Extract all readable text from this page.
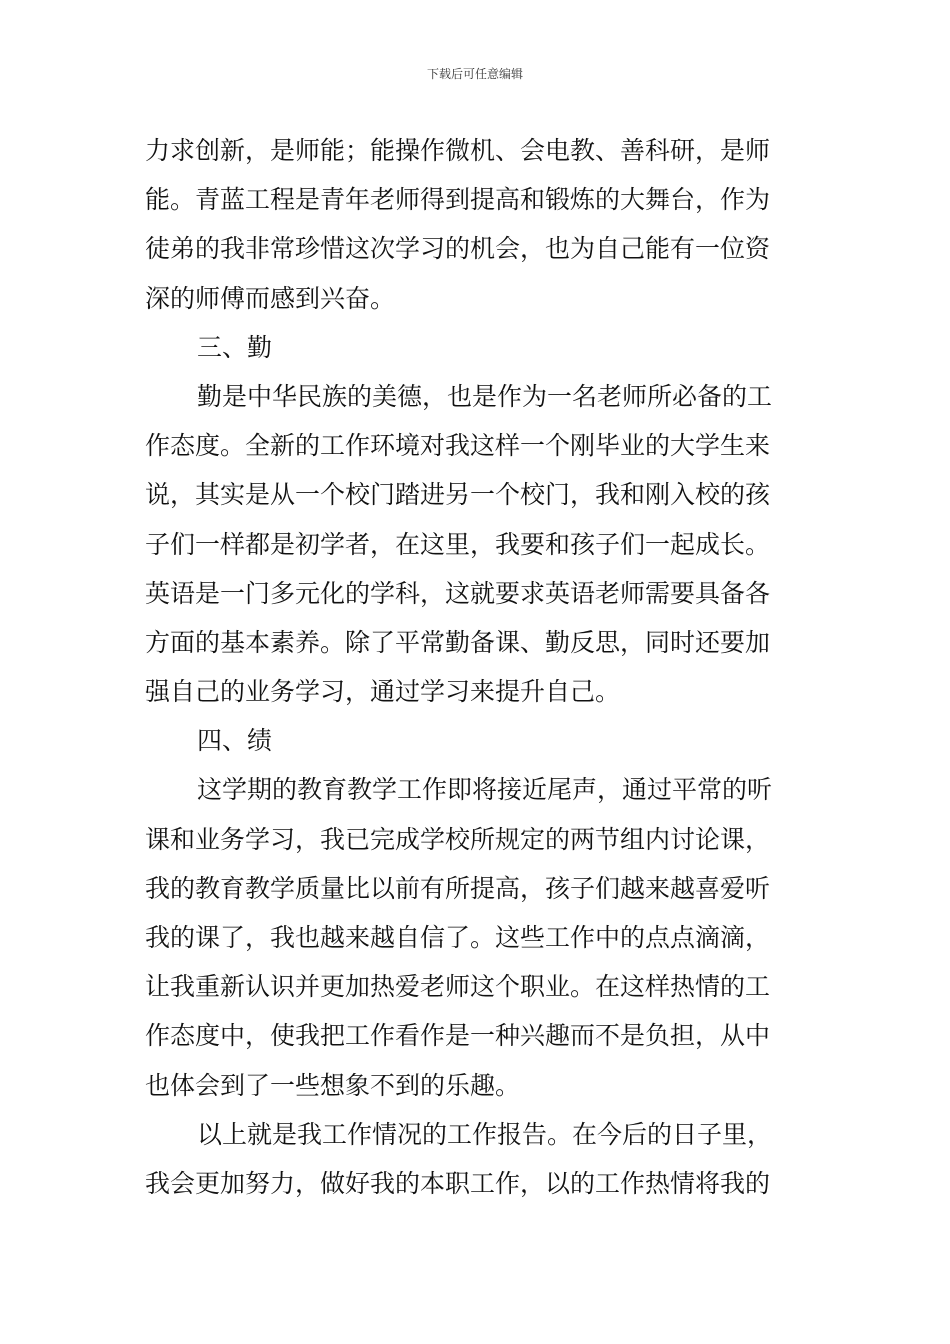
下载后可任意编辑
力求创新，是师能；能操作微机、会电教、善科研，是师
能。青蓝工程是青年老师得到提高和锻炼的大舞台，作为
徒弟的我非常珍惜这次学习的机会，也为自己能有一位资
深的师傅而感到兴奋。
三、勤
勤是中华民族的美德，也是作为一名老师所必备的工
作态度。全新的工作环境对我这样一个刚毕业的大学生来
说，其实是从一个校门踏进另一个校门，我和刚入校的孩
子们一样都是初学者，在这里，我要和孩子们一起成长。
英语是一门多元化的学科，这就要求英语老师需要具备各
方面的基本素养。除了平常勤备课、勤反思，同时还要加
强自己的业务学习，通过学习来提升自己。
四、绩
这学期的教育教学工作即将接近尾声，通过平常的听
课和业务学习，我已完成学校所规定的两节组内讨论课，
我的教育教学质量比以前有所提高，孩子们越来越喜爱听
我的课了，我也越来越自信了。这些工作中的点点滴滴，
让我重新认识并更加热爱老师这个职业。在这样热情的工
作态度中，使我把工作看作是一种兴趣而不是负担，从中
也体会到了一些想象不到的乐趣。
以上就是我工作情况的工作报告。在今后的日子里，
我会更加努力，做好我的本职工作，以的工作热情将我的
